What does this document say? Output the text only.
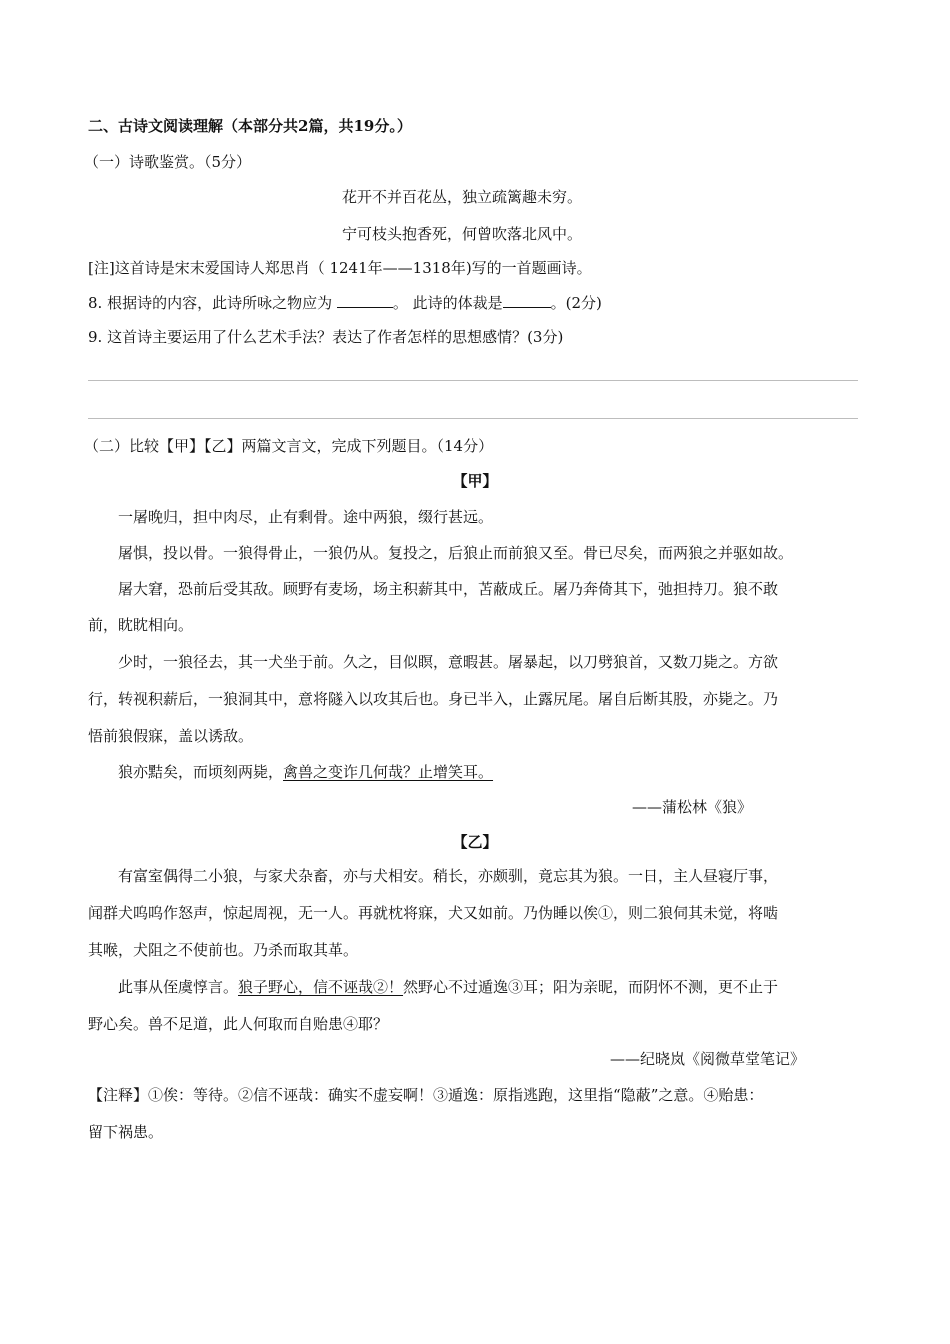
二、古诗文阅读理解（本部分共2篇，共19分。）
（一）诗歌鉴赏。（5分）
花开不并百花丛，独立疏篱趣未穷。
宁可枝头抱香死，何曾吹落北风中。
[注]这首诗是宋末爱国诗人郑思肖（ 1241年——1318年)写的一首题画诗。
8. 根据诗的内容，此诗所咏之物应为	。 此诗的体裁是	。(2分)
9. 这首诗主要运用了什么艺术手法？表达了作者怎样的思想感情？(3分)
（二）比较【甲】【乙】两篇文言文，完成下列题目。（14分）
【甲】
一屠晚归，担中肉尽，止有剩骨。途中两狼，缀行甚远。
屠惧，投以骨。一狼得骨止，一狼仍从。复投之，后狼止而前狼又至。骨已尽矣，而两狼之并驱如故。
屠大窘，恐前后受其敌。顾野有麦场，场主积薪其中，苫蔽成丘。屠乃奔倚其下，弛担持刀。狼不敢
前，眈眈相向。
少时，一狼径去，其一犬坐于前。久之，目似瞑，意暇甚。屠暴起，以刀劈狼首，又数刀毙之。方欲
行，转视积薪后，一狼洞其中，意将隧入以攻其后也。身已半入，止露尻尾。屠自后断其股，亦毙之。乃
悟前狼假寐，盖以诱敌。
狼亦黠矣，而顷刻两毙，禽兽之变诈几何哉？止增笑耳。
——蒲松林《狼》
【乙】
有富室偶得二小狼，与家犬杂畜，亦与犬相安。稍长，亦颇驯，竟忘其为狼。一日，主人昼寝厅事，
闻群犬呜呜作怒声，惊起周视，无一人。再就枕将寐，犬又如前。乃伪睡以俟①，则二狼伺其未觉，将啮
其喉，犬阻之不使前也。乃杀而取其革。
此事从侄虞惇言。狼子野心，信不诬哉②！然野心不过遁逸③耳；阳为亲昵，而阴怀不测，更不止于
野心矣。兽不足道，此人何取而自贻患④耶？
——纪晓岚《阅微草堂笔记》
【注释】①俟：等待。②信不诬哉：确实不虚妄啊！③遁逸：原指逃跑，这里指“隐蔽”之意。④贻患：
留下祸患。
